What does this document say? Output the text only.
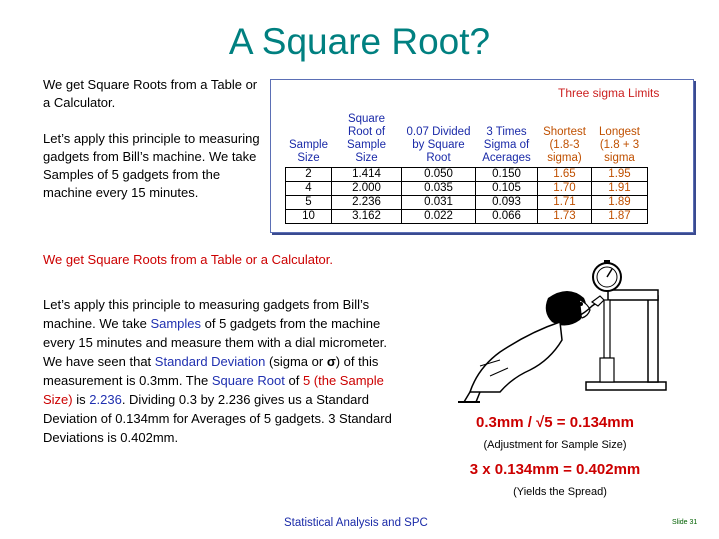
A Square Root?

We get Square Roots from a Table or a Calculator.

Let’s apply this principle to measuring gadgets from Bill’s machine. We take Samples of 5 gadgets from the machine every 15 minutes.

Three sigma Limits
Sample Size	Square Root of Sample Size	0.07 Divided by Square Root	3 Times Sigma of Acerages	Shortest (1.8-3 sigma)	Longest (1.8 + 3 sigma
2	1.414	0.050	0.150	1.65	1.95
4	2.000	0.035	0.105	1.70	1.91
5	2.236	0.031	0.093	1.71	1.89
10	3.162	0.022	0.066	1.73	1.87
We get Square Roots from a Table or a Calculator.
Let’s apply this principle to measuring gadgets from Bill’s machine. We take Samples of 5 gadgets from the machine every 15 minutes and measure them with a dial micrometer. We have seen that Standard Deviation (sigma or σ) of this measurement is 0.3mm. The Square Root of 5 (the Sample Size) is 2.236. Dividing 0.3 by 2.236 gives us a Standard Deviation of 0.134mm for Averages of 5 gadgets. 3 Standard Deviations is 0.402mm.
0.3mm / √5 = 0.134mm
(Adjustment for Sample Size)
3 x 0.134mm = 0.402mm
(Yields the Spread)
Statistical Analysis and SPC	Slide 31
